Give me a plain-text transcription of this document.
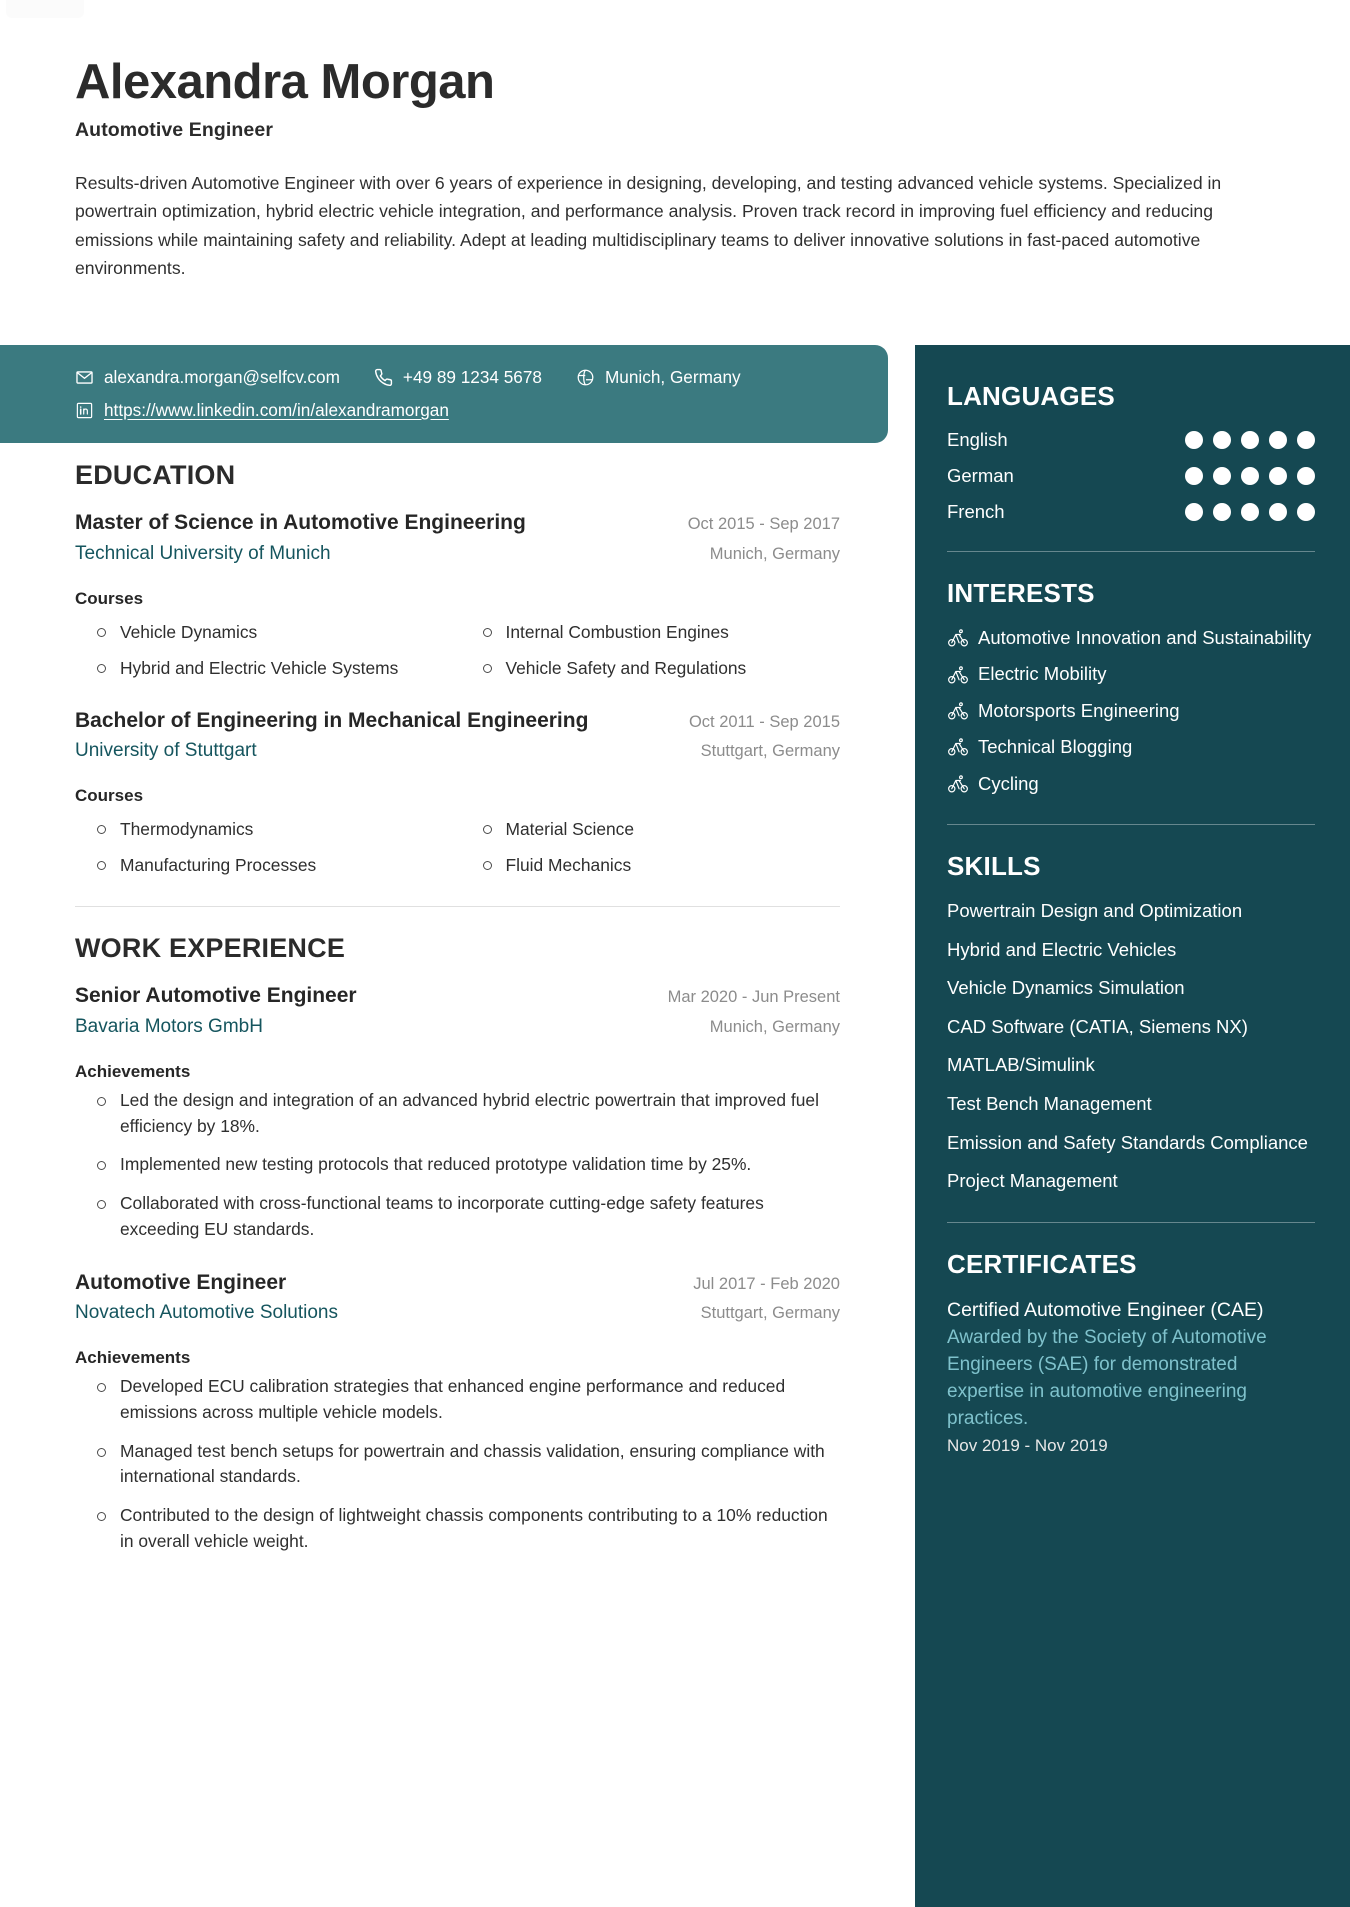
Alexandra Morgan
Automotive Engineer
Results-driven Automotive Engineer with over 6 years of experience in designing, developing, and testing advanced vehicle systems. Specialized in powertrain optimization, hybrid electric vehicle integration, and performance analysis. Proven track record in improving fuel efficiency and reducing emissions while maintaining safety and reliability. Adept at leading multidisciplinary teams to deliver innovative solutions in fast-paced automotive environments.
alexandra.morgan@selfcv.com	+49 89 1234 5678	Munich, Germany
https://www.linkedin.com/in/alexandramorgan
EDUCATION
Master of Science in Automotive Engineering	Oct 2015 - Sep 2017
Technical University of Munich	Munich, Germany
Courses
Vehicle Dynamics	Internal Combustion Engines
Hybrid and Electric Vehicle Systems	Vehicle Safety and Regulations
Bachelor of Engineering in Mechanical Engineering	Oct 2011 - Sep 2015
University of Stuttgart	Stuttgart, Germany
Courses
Thermodynamics	Material Science
Manufacturing Processes	Fluid Mechanics
WORK EXPERIENCE
Senior Automotive Engineer	Mar 2020 - Jun Present
Bavaria Motors GmbH	Munich, Germany
Achievements
Led the design and integration of an advanced hybrid electric powertrain that improved fuel efficiency by 18%.
Implemented new testing protocols that reduced prototype validation time by 25%.
Collaborated with cross-functional teams to incorporate cutting-edge safety features exceeding EU standards.
Automotive Engineer	Jul 2017 - Feb 2020
Novatech Automotive Solutions	Stuttgart, Germany
Achievements
Developed ECU calibration strategies that enhanced engine performance and reduced emissions across multiple vehicle models.
Managed test bench setups for powertrain and chassis validation, ensuring compliance with international standards.
Contributed to the design of lightweight chassis components contributing to a 10% reduction in overall vehicle weight.
LANGUAGES
English
German
French
INTERESTS
Automotive Innovation and Sustainability
Electric Mobility
Motorsports Engineering
Technical Blogging
Cycling
SKILLS
Powertrain Design and Optimization
Hybrid and Electric Vehicles
Vehicle Dynamics Simulation
CAD Software (CATIA, Siemens NX)
MATLAB/Simulink
Test Bench Management
Emission and Safety Standards Compliance
Project Management
CERTIFICATES
Certified Automotive Engineer (CAE)
Awarded by the Society of Automotive Engineers (SAE) for demonstrated expertise in automotive engineering practices.
Nov 2019 - Nov 2019
